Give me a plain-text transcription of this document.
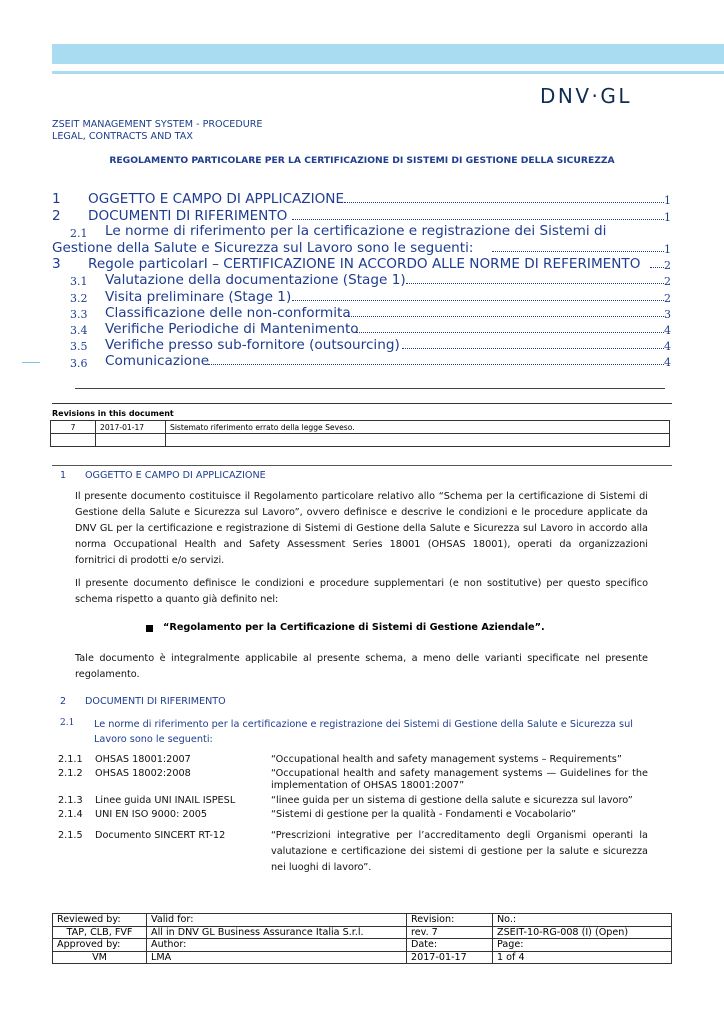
DNV·GL
ZSEIT MANAGEMENT SYSTEM - PROCEDURE
LEGAL, CONTRACTS AND TAX
REGOLAMENTO PARTICOLARE PER LA CERTIFICAZIONE DI SISTEMI DI GESTIONE DELLA SICUREZZA
1 OGGETTO E CAMPO DI APPLICAZIONE	1
2 DOCUMENTI DI RIFERIMENTO	1
2.1 Le norme di riferimento per la certificazione e registrazione dei Sistemi di
Gestione della Salute e Sicurezza sul Lavoro sono le seguenti:	1
3 Regole particolarI – CERTIFICAZIONE IN ACCORDO ALLE NORME DI REFERIMENTO 2
3.1 Valutazione della documentazione (Stage 1)	2
3.2 Visita preliminare (Stage 1)	2
3.3 Classificazione delle non-conformita	3
3.4 Verifiche Periodiche di Mantenimento	4
3.5 Verifiche presso sub-fornitore (outsourcing)	4
3.6 Comunicazione	4
Revisions in this document
7	2017-01-17	Sistemato riferimento errato della legge Seveso.

1 OGGETTO E CAMPO DI APPLICAZIONE
Il presente documento costituisce il Regolamento particolare relativo allo “Schema per la certificazione di Sistemi di
Gestione della Salute e Sicurezza sul Lavoro”, ovvero definisce e descrive le condizioni e le procedure applicate da
DNV GL per la certificazione e registrazione di Sistemi di Gestione della Salute e Sicurezza sul Lavoro in accordo alla
norma Occupational Health and Safety Assessment Series 18001 (OHSAS 18001), operati da organizzazioni
fornitrici di prodotti e/o servizi.
Il presente documento definisce le condizioni e procedure supplementari (e non sostitutive) per questo specifico
schema rispetto a quanto già definito nel:
“Regolamento per la Certificazione di Sistemi di Gestione Aziendale”.
Tale documento è integralmente applicabile al presente schema, a meno delle varianti specificate nel presente
regolamento.
2 DOCUMENTI DI RIFERIMENTO
2.1 Le norme di riferimento per la certificazione e registrazione dei Sistemi di Gestione della Salute e Sicurezza sul
Lavoro sono le seguenti:
2.1.1 OHSAS 18001:2007	“Occupational health and safety management systems – Requirements”
2.1.2 OHSAS 18002:2008	“Occupational health and safety management systems — Guidelines for the
implementation of OHSAS 18001:2007”
2.1.3 Linee guida UNI INAIL ISPESL	“linee guida per un sistema di gestione della salute e sicurezza sul lavoro”
2.1.4 UNI EN ISO 9000: 2005	“Sistemi di gestione per la qualità - Fondamenti e Vocabolario”
2.1.5 Documento SINCERT RT-12	“Prescrizioni integrative per l’accreditamento degli Organismi operanti la
valutazione e certificazione dei sistemi di gestione per la salute e sicurezza
nei luoghi di lavoro”.
Reviewed by:	Valid for:	Revision:	No.:
TAP, CLB, FVF	All in DNV GL Business Assurance Italia S.r.l.	rev. 7	ZSEIT-10-RG-008 (I) (Open)
Approved by:	Author:	Date:	Page:
VM	LMA	2017-01-17	1 of 4
